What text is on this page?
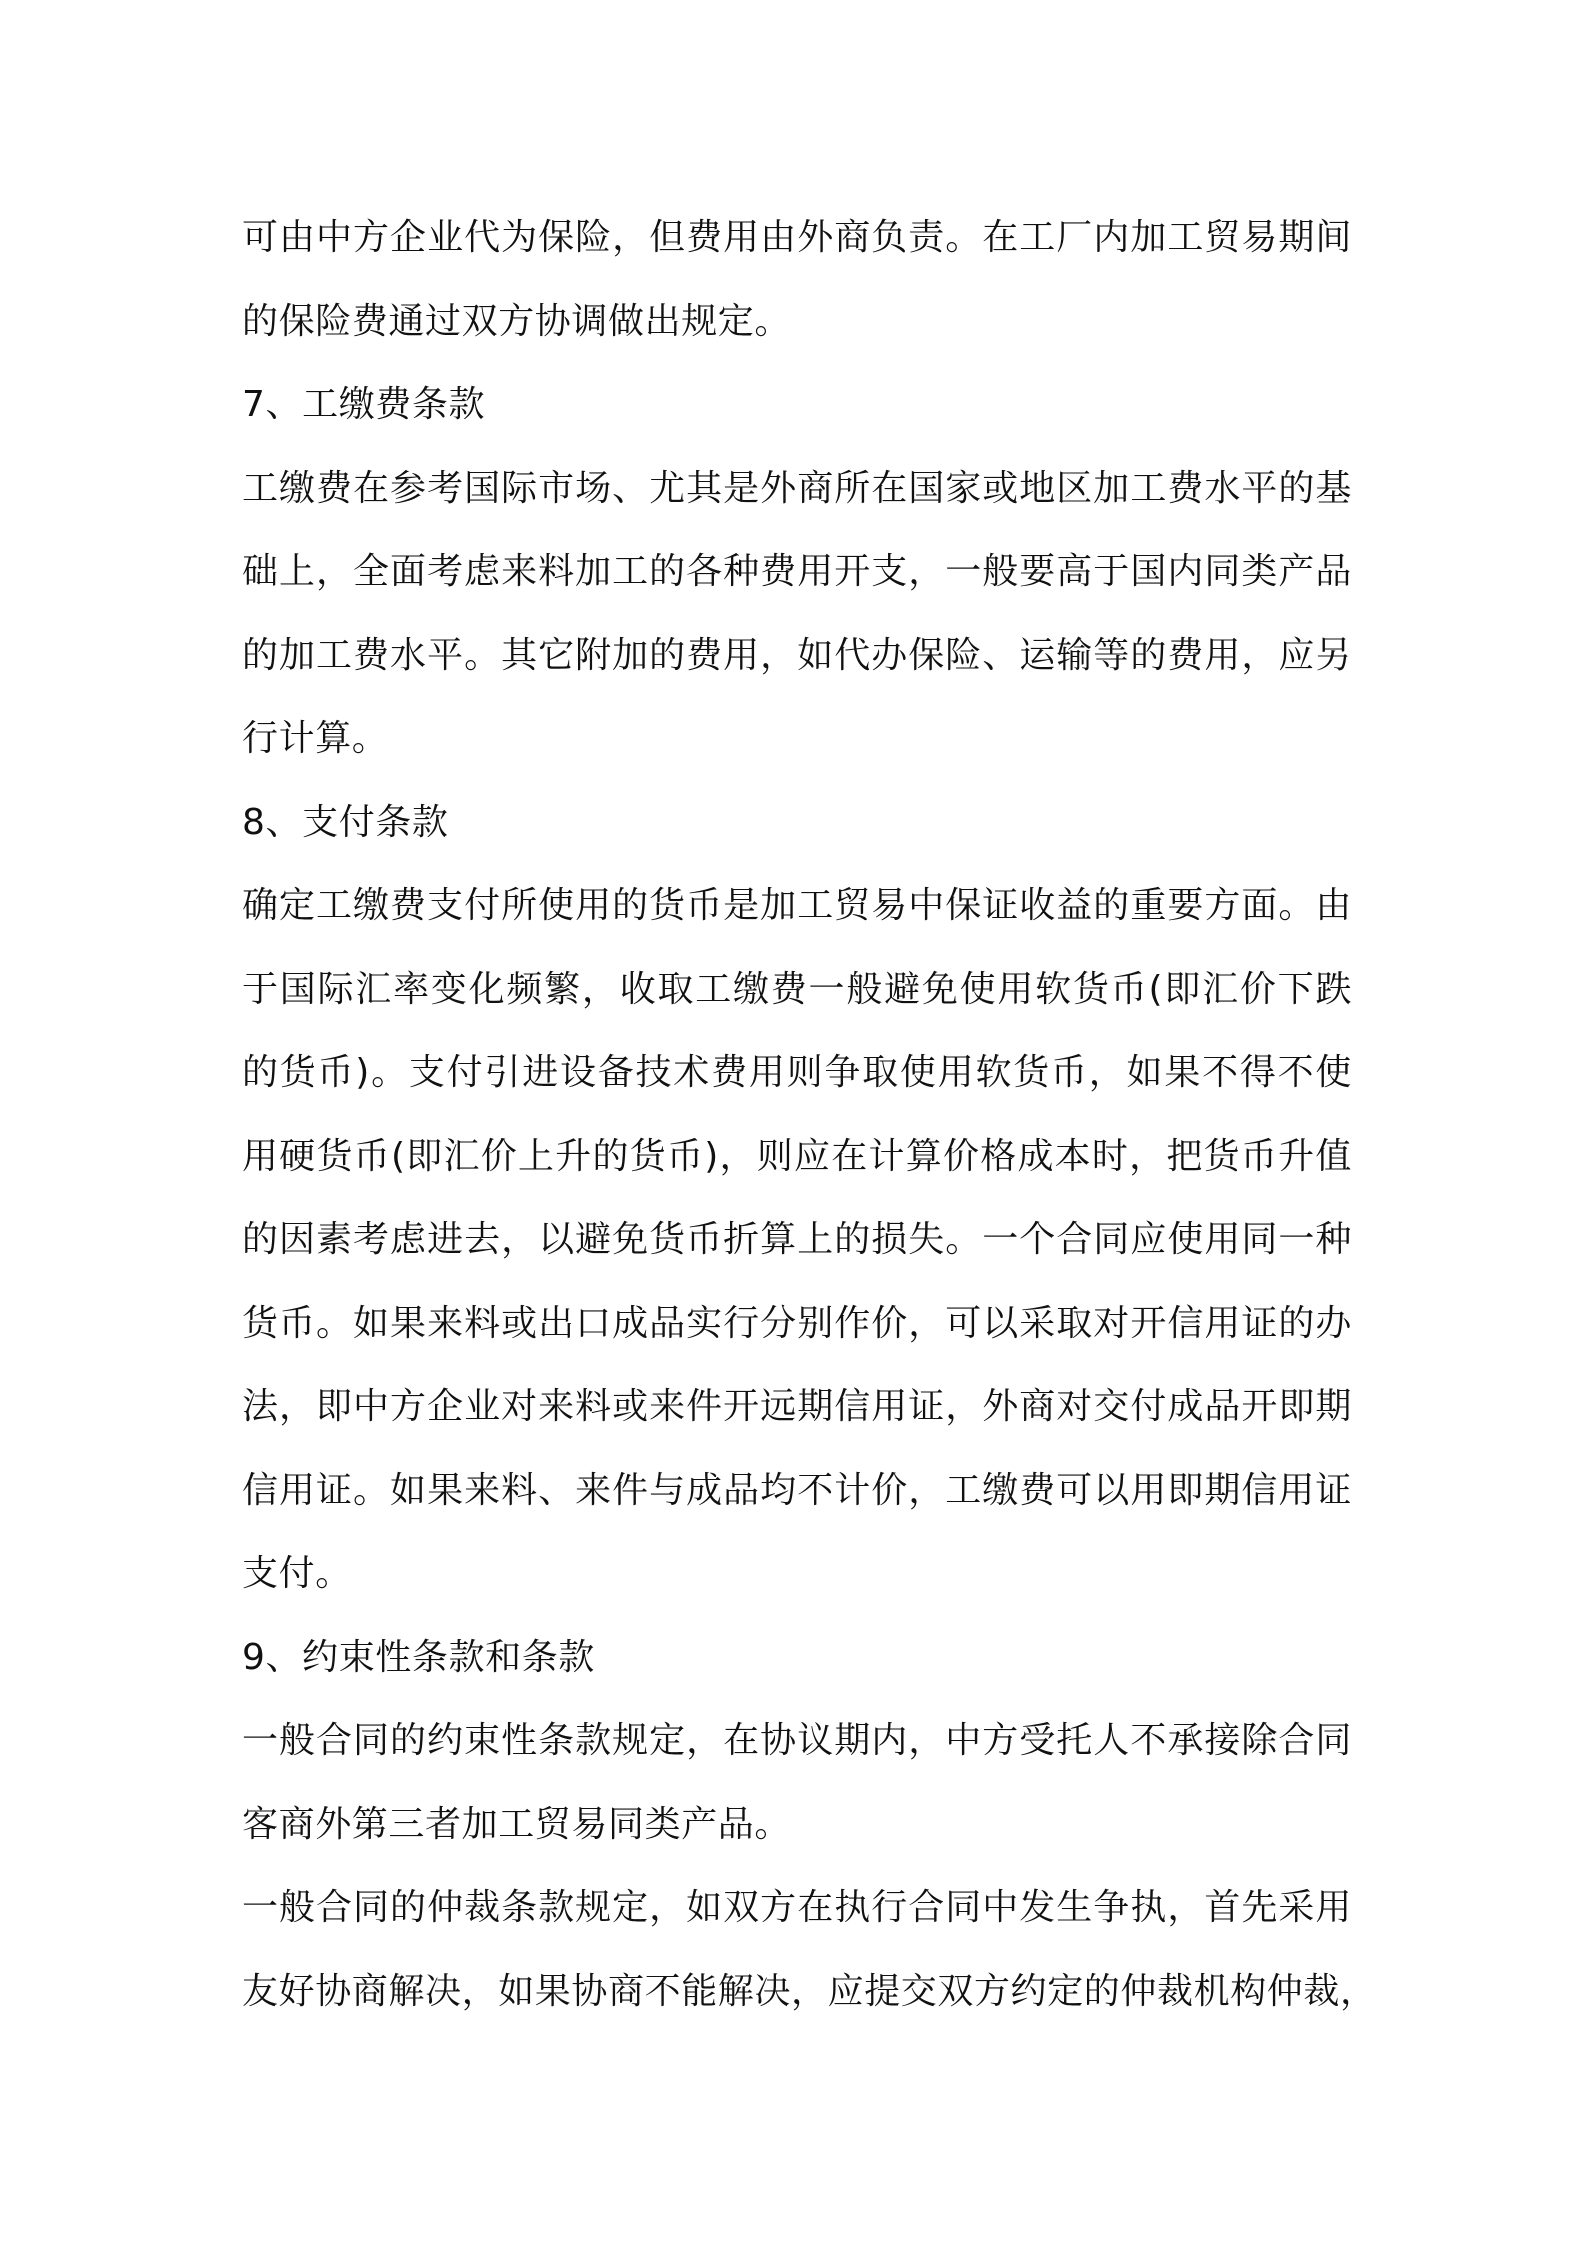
可由中方企业代为保险，但费用由外商负责。在工厂内加工贸易期间
的保险费通过双方协调做出规定。
7、工缴费条款
工缴费在参考国际市场、尤其是外商所在国家或地区加工费水平的基
础上，全面考虑来料加工的各种费用开支，一般要高于国内同类产品
的加工费水平。其它附加的费用，如代办保险、运输等的费用，应另
行计算。
8、支付条款
确定工缴费支付所使用的货币是加工贸易中保证收益的重要方面。由
于国际汇率变化频繁，收取工缴费一般避免使用软货币(即汇价下跌
的货币)。支付引进设备技术费用则争取使用软货币，如果不得不使
用硬货币(即汇价上升的货币)，则应在计算价格成本时，把货币升值
的因素考虑进去，以避免货币折算上的损失。一个合同应使用同一种
货币。如果来料或出口成品实行分别作价，可以采取对开信用证的办
法，即中方企业对来料或来件开远期信用证，外商对交付成品开即期
信用证。如果来料、来件与成品均不计价，工缴费可以用即期信用证
支付。
9、约束性条款和条款
一般合同的约束性条款规定，在协议期内，中方受托人不承接除合同
客商外第三者加工贸易同类产品。
一般合同的仲裁条款规定，如双方在执行合同中发生争执，首先采用
友好协商解决，如果协商不能解决，应提交双方约定的仲裁机构仲裁，
